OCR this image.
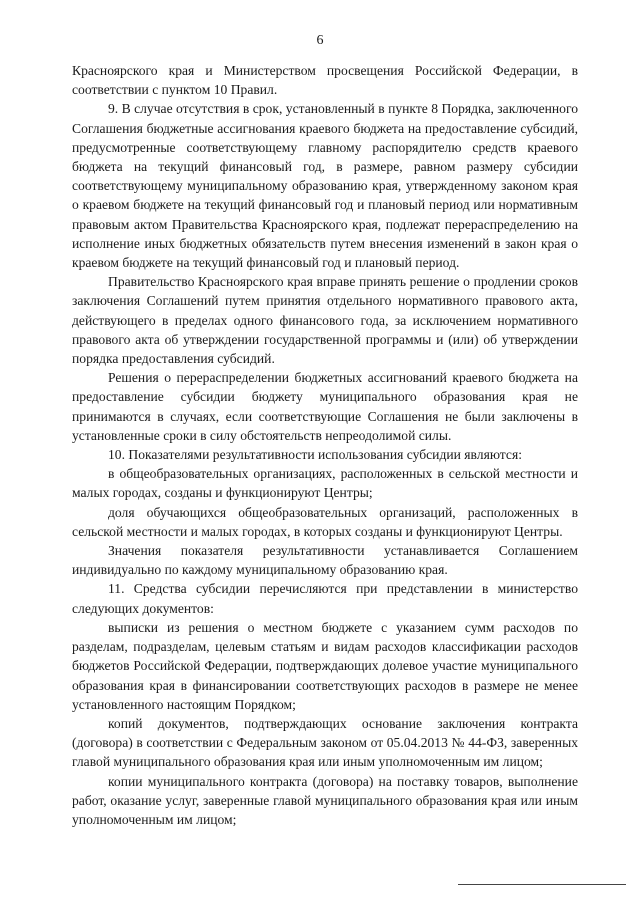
6

Красноярского края и Министерством просвещения Российской Федерации, в соответствии с пунктом 10 Правил.

9. В случае отсутствия в срок, установленный в пункте 8 Порядка, заключенного Соглашения бюджетные ассигнования краевого бюджета на предоставление субсидий, предусмотренные соответствующему главному распорядителю средств краевого бюджета на текущий финансовый год, в размере, равном размеру субсидии соответствующему муниципальному образованию края, утвержденному законом края о краевом бюджете на текущий финансовый год и плановый период или нормативным правовым актом Правительства Красноярского края, подлежат перераспределению на исполнение иных бюджетных обязательств путем внесения изменений в закон края о краевом бюджете на текущий финансовый год и плановый период.

Правительство Красноярского края вправе принять решение о продлении сроков заключения Соглашений путем принятия отдельного нормативного правового акта, действующего в пределах одного финансового года, за исключением нормативного правового акта об утверждении государственной программы и (или) об утверждении порядка предоставления субсидий.

Решения о перераспределении бюджетных ассигнований краевого бюджета на предоставление субсидии бюджету муниципального образования края не принимаются в случаях, если соответствующие Соглашения не были заключены в установленные сроки в силу обстоятельств непреодолимой силы.

10. Показателями результативности использования субсидии являются:

в общеобразовательных организациях, расположенных в сельской местности и малых городах, созданы и функционируют Центры;

доля обучающихся общеобразовательных организаций, расположенных в сельской местности и малых городах, в которых созданы и функционируют Центры.

Значения показателя результативности устанавливается Соглашением индивидуально по каждому муниципальному образованию края.

11. Средства субсидии перечисляются при представлении в министерство следующих документов:

выписки из решения о местном бюджете с указанием сумм расходов по разделам, подразделам, целевым статьям и видам расходов классификации расходов бюджетов Российской Федерации, подтверждающих долевое участие муниципального образования края в финансировании соответствующих расходов в размере не менее установленного настоящим Порядком;

копий документов, подтверждающих основание заключения контракта (договора) в соответствии с Федеральным законом от 05.04.2013 № 44-ФЗ, заверенных главой муниципального образования края или иным уполномоченным им лицом;

копии муниципального контракта (договора) на поставку товаров, выполнение работ, оказание услуг, заверенные главой муниципального образования края или иным уполномоченным им лицом;
